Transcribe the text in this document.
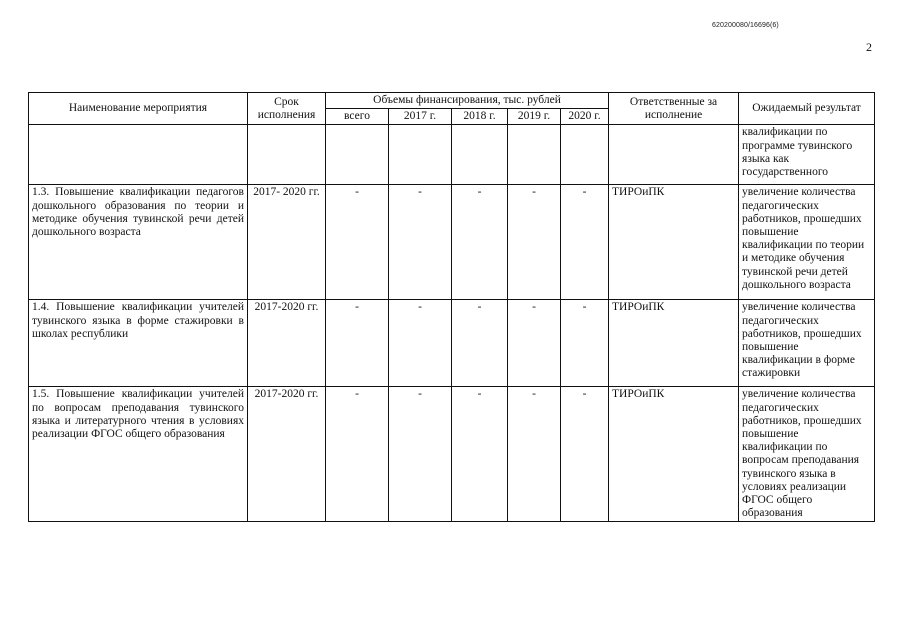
620200080/16696(6)
2
Наименование мероприятия	Срок исполнения	Объемы финансирования, тыс. рублей					Ответственные за исполнение	Ожидаемый результат
		всего	2017 г.	2018 г.	2019 г.	2020 г.		
								квалификации по программе тувинского языка как государственного
1.3. Повышение квалификации педагогов дошкольного образования по теории и методике обучения тувинской речи детей дошкольного возраста	2017- 2020 гг.	-	-	-	-	-	ТИРОиПК	увеличение количества педагогических работников, прошедших повышение квалификации по теории и методике обучения тувинской речи детей дошкольного возраста
1.4. Повышение квалификации учителей тувинского языка в форме стажировки в школах республики	2017-2020 гг.	-	-	-	-	-	ТИРОиПК	увеличение количества педагогических работников, прошедших повышение квалификации в форме стажировки
1.5. Повышение квалификации учителей по вопросам преподавания тувинского языка и литературного чтения в условиях реализации ФГОС общего образования	2017-2020 гг.	-	-	-	-	-	ТИРОиПК	увеличение количества педагогических работников, прошедших повышение квалификации по вопросам преподавания тувинского языка в условиях реализации ФГОС общего образования
